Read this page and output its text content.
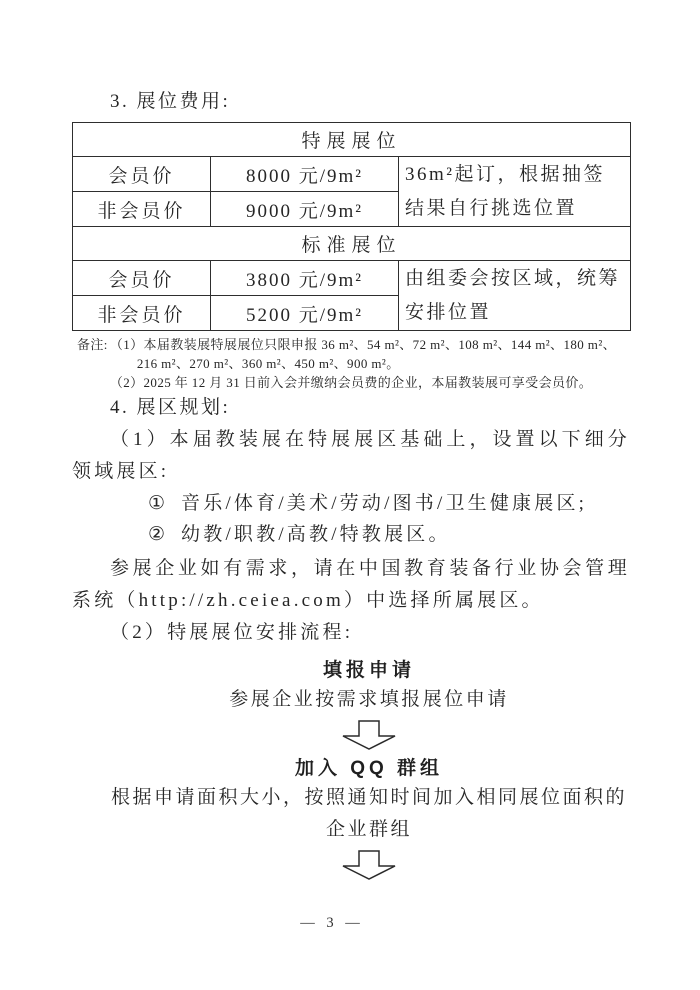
3. 展位费用:

特展展位		
会员价	8000 元/9m²	36m²起订，根据抽签结果自行挑选位置
非会员价	9000 元/9m²	
标准展位		
会员价	3800 元/9m²	由组委会按区域，统筹安排位置
非会员价	5200 元/9m²	
备注: （1）本届教装展特展展位只限申报 36 m²、54 m²、72 m²、108 m²、144 m²、180 m²、216 m²、270 m²、360 m²、450 m²、900 m²。
（2）2025 年 12 月 31 日前入会并缴纳会员费的企业，本届教装展可享受会员价。

4. 展区规划:

（1）本届教装展在特展展区基础上，设置以下细分领域展区:

① 音乐/体育/美术/劳动/图书/卫生健康展区;
② 幼教/职教/高教/特教展区。

参展企业如有需求，请在中国教育装备行业协会管理系统（http://zh.ceiea.com）中选择所属展区。

（2）特展展位安排流程:

填报申请
参展企业按需求填报展位申请
加入 QQ 群组
根据申请面积大小，按照通知时间加入相同展位面积的
企业群组
— 3 —
